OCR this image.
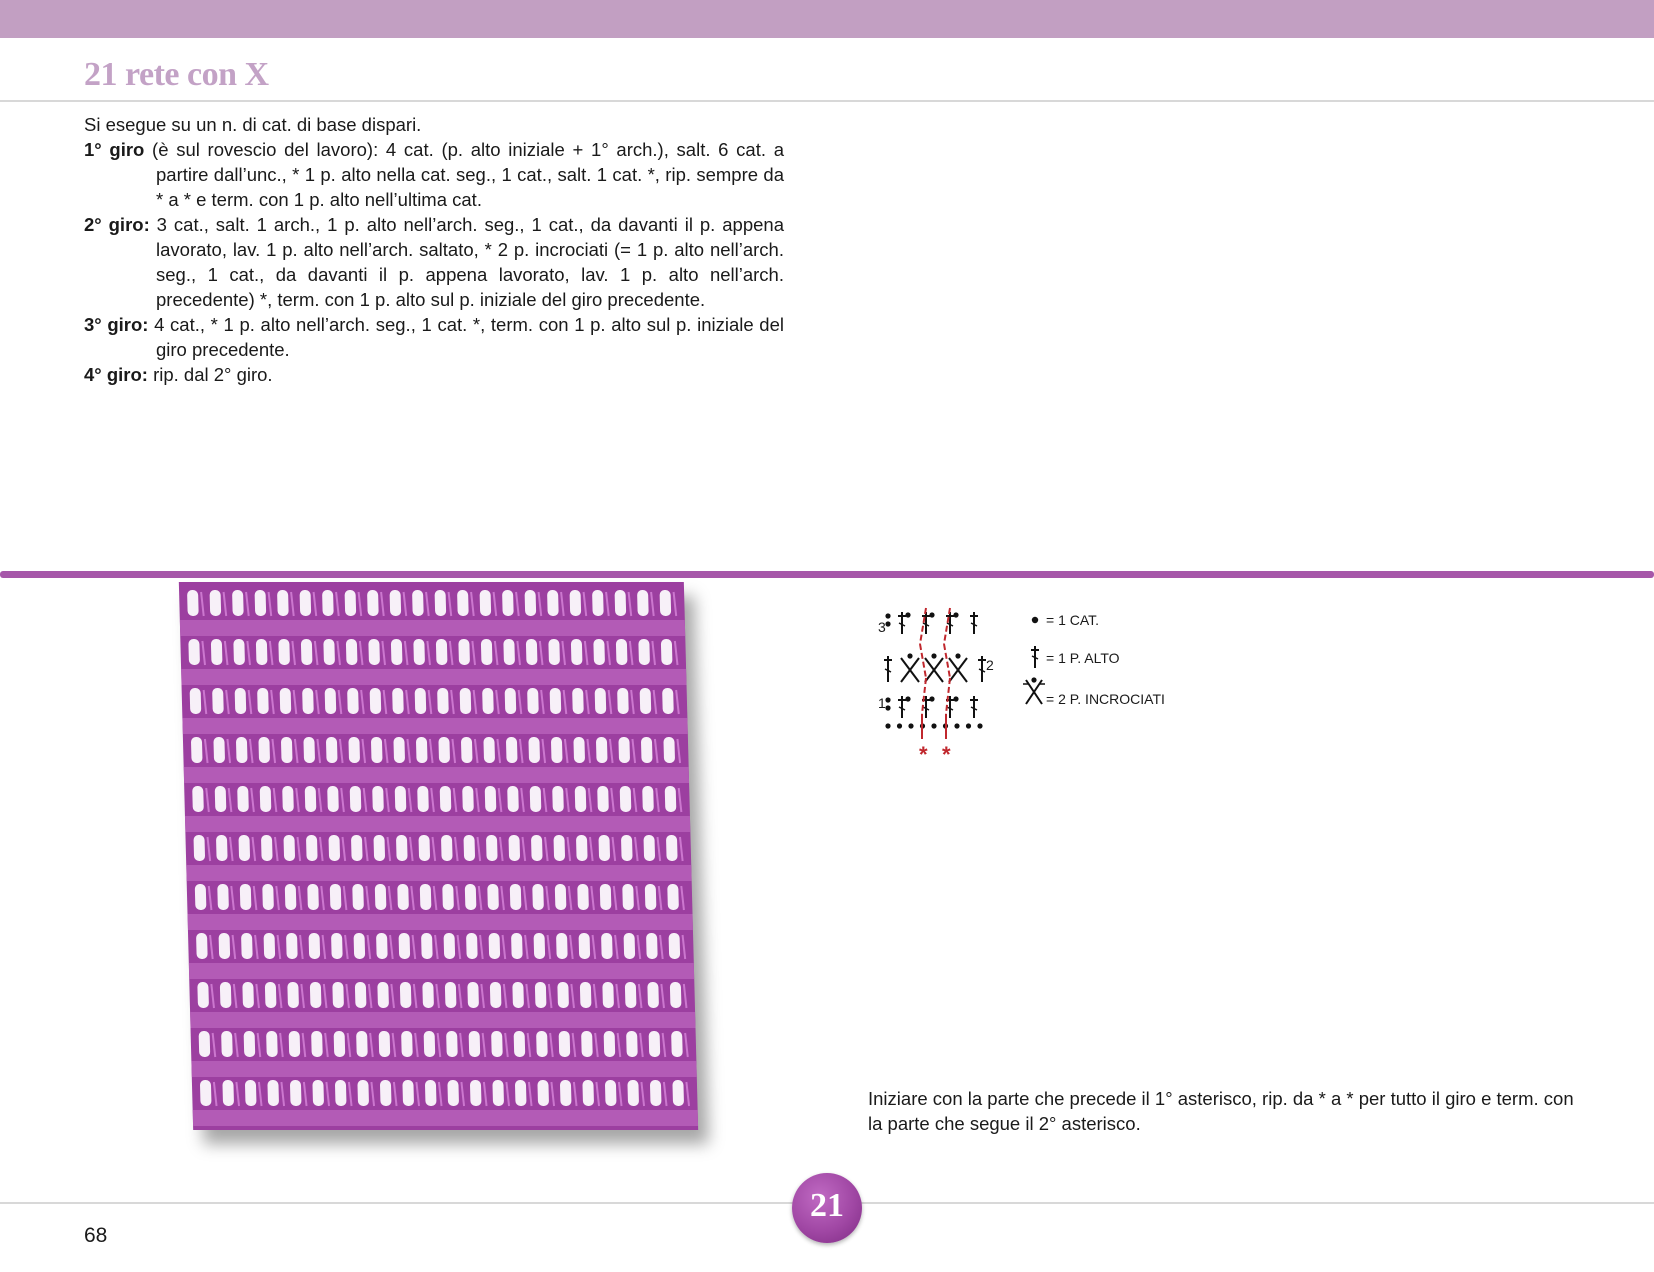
21 rete con X

Si esegue su un n. di cat. di base dispari.

1° giro (è sul rovescio del lavoro): 4 cat. (p. alto iniziale + 1° arch.), salt. 6 cat. a partire dall’unc., * 1 p. alto nella cat. seg., 1 cat., salt. 1 cat. *, rip. sempre da * a * e term. con 1 p. alto nell’ultima cat.

2° giro: 3 cat., salt. 1 arch., 1 p. alto nell’arch. seg., 1 cat., da davanti il p. appena lavorato, lav. 1 p. alto nell’arch. saltato, * 2 p. incrociati (= 1 p. alto nell’arch. seg., 1 cat., da davanti il p. appena lavorato, lav. 1 p. alto nell’arch. precedente) *, term. con 1 p. alto sul p. iniziale del giro precedente.

3° giro: 4 cat., * 1 p. alto nell’arch. seg., 1 cat. *, term. con 1 p. alto sul p. iniziale del giro precedente.

4° giro: rip. dal 2° giro.

3
2
1
* *
= 1 CAT.
= 1 P. ALTO
= 2 P. INCROCIATI

Iniziare con la parte che precede il 1° asterisco, rip. da * a * per tutto il giro e term. con la parte che segue il 2° asterisco.

68
21
